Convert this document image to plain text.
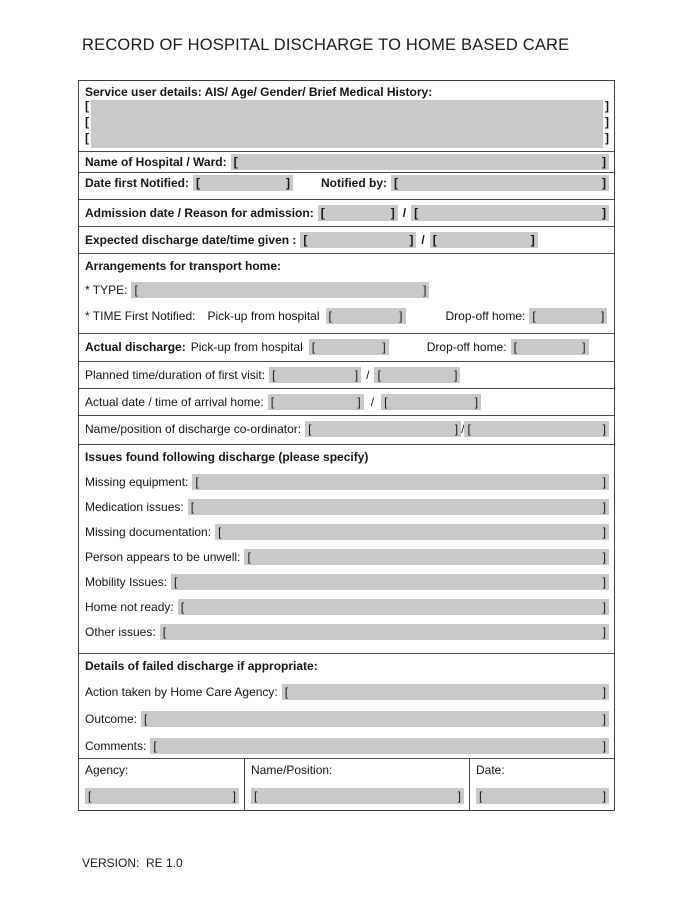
RECORD OF HOSPITAL DISCHARGE TO HOME BASED CARE
Service user details: AIS/ Age/ Gender/ Brief Medical History:
[	]
[	]
[	]
Name of Hospital / Ward: [	]
Date first Notified: [	]	Notified by: [	]
Admission date / Reason for admission: [	] / [	]
Expected discharge date/time given : [	] / [	]
Arrangements for transport home:
* TYPE: [	]
* TIME First Notified: Pick-up from hospital [	]	Drop-off home: [	]
Actual discharge: Pick-up from hospital [	]	Drop-off home: [	]
Planned time/duration of first visit: [	] / [	]
Actual date / time of arrival home: [	] / [	]
Name/position of discharge co-ordinator: [	] / [	]
Issues found following discharge (please specify)
Missing equipment: [	]
Medication issues: [	]
Missing documentation: [	]
Person appears to be unwell: [	]
Mobility Issues: [	]
Home not ready: [	]
Other issues: [	]
Details of failed discharge if appropriate:
Action taken by Home Care Agency: [	]
Outcome: [	]
Comments: [	]
Agency:
[	]
Name/Position:
[	]
Date:
[	]
VERSION:  RE 1.0
